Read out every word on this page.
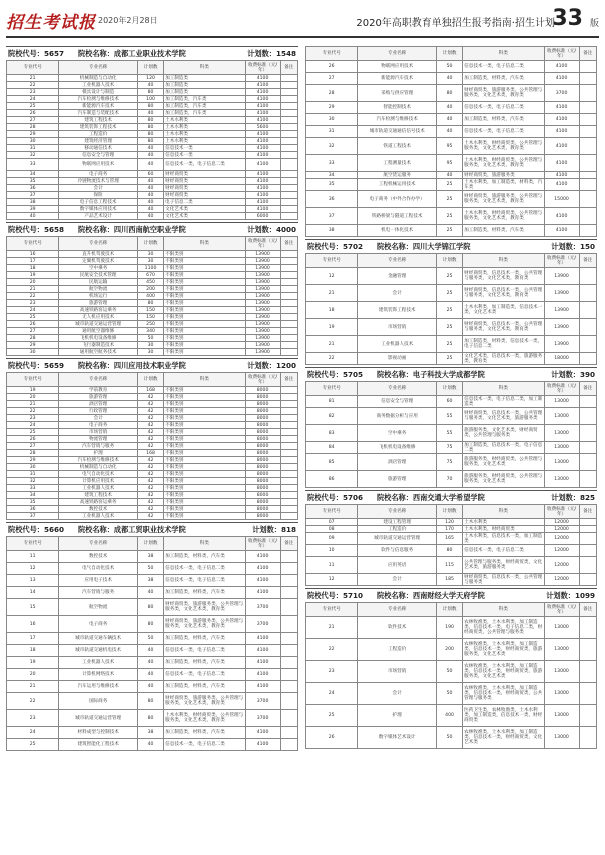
招生考试报 2020年2月28日	2020年高职教育单独招生报考指南·招生计划
33 版
院校代号：5657	院校名称：成都工业职业技术学院	计划数：1548
专业代号	专业名称	计划数	科类	收费标准（元/年）	备注
21	机械制造与自动化	120	加工制造类	4100	
22	工业机器人技术	40	加工制造类	4100	
23	模具设计与制造	80	加工制造类	4100	
24	汽车检测与维修技术	100	加工制造类，汽车类	4100	
25	新能源汽车技术	80	加工制造类，汽车类	4100	
26	汽车制造与装配技术	40	加工制造类，汽车类	4100	
27	建筑工程技术	80	土木水利类	4100	
28	建筑装饰工程技术	80	土木水利类	5600	
29	工程造价	80	土木水利类	4100	
30	建筑经济管理	80	土木水利类	4100	
31	移动通信技术	40	信息技术一类	4100	
32	信息安全与管理	40	信息技术一类	4100	
33	物联网应用技术	40	信息技术一类，电子信息二类	4100	
34	电子商务	60	财经商贸类	4100	
35	冷链物流技术与管理	40	财经商贸类	4100	
36	会计	40	财经商贸类	4100	
37	保险	40	财经商贸类	4100	
38	电子信息工程技术	40	电子信息二类	4100	
39	数字媒体应用技术	40	文化艺术类	4100	
40	产品艺术设计	40	文化艺术类	6000	
院校代号：5658	院校名称：四川西南航空职业学院	计划数：4000
专业代号	专业名称	计划数	科类	收费标准（元/年）	备注
16	直升机驾驶技术	30	不限类别	13900	
17	定翼机驾驶技术	30	不限类别	13900	
18	空中乘务	1100	不限类别	13900	
19	民航安全技术管理	670	不限类别	13900	
20	民航运输	450	不限类别	13900	
21	航空物流	200	不限类别	13900	
22	机场运行	400	不限类别	13900	
23	旅游管理	80	不限类别	13900	
24	高速铁路客运乘务	150	不限类别	13900	
25	无人机应用技术	150	不限类别	13900	
26	城市轨道交通运营管理	250	不限类别	13900	
27	通用航空器维修	340	不限类别	13900	
28	飞机机电设备维修	50	不限类别	13900	
29	飞行器制造技术	30	不限类别	13900	
30	通用航空航务技术	30	不限类别	13900	
院校代号：5659	院校名称：四川应用技术职业学院	计划数：1200
专业代号	专业名称	计划数	科类	收费标准（元/年）	备注
19	学前教育	168	不限类别	8000	
20	旅游管理	42	不限类别	8000	
21	酒店管理	42	不限类别	8000	
22	行政管理	42	不限类别	8000	
23	会计	42	不限类别	8000	
24	电子商务	42	不限类别	8000	
25	市场营销	42	不限类别	8000	
26	物流管理	42	不限类别	8000	
27	汽车营销与服务	42	不限类别	8000	
28	护理	168	不限类别	8000	
29	汽车检测与维修技术	42	不限类别	8000	
30	机械制造与自动化	42	不限类别	8000	
31	电气自动化技术	42	不限类别	8000	
32	计算机应用技术	42	不限类别	8000	
33	工业机器人技术	42	不限类别	8000	
34	建筑工程技术	42	不限类别	8000	
35	高速铁路客运乘务	42	不限类别	8000	
36	数控技术	42	不限类别	8000	
37	工业机器人技术	42	不限类别	8000	
院校代号：5660	院校名称：成都工贸职业技术学院	计划数：818
专业代号	专业名称	计划数	科类	收费标准（元/年）	备注
11	数控技术	38	加工制造类，材料类，汽车类	4100	
12	电气自动化技术	50	信息技术一类，电子信息二类	4100	
13	应用电子技术	38	信息技术一类，电子信息二类	4100	
14	汽车营销与服务	40	加工制造类，材料类，汽车类	4100	
15	航空物流	80	财经商贸类，旅游服务类，公共管理与服务类，文化艺术类，教育类	3700	
16	电子商务	80	财经商贸类，旅游服务类，公共管理与服务类，文化艺术类，教育类	3700	
17	城市轨道交通车辆技术	50	加工制造类，材料类，汽车类	4100	
18	城市轨道交通机电技术	40	信息技术一类，电子信息二类	4100	
19	工业机器人技术	40	加工制造类，材料类，汽车类	4100	
20	计算机网络技术	40	信息技术一类，电子信息二类	4100	
21	汽车运用与维修技术	40	加工制造类，材料类，汽车类	4100	
22	国际商务	80	财经商贸类，旅游服务类，公共管理与服务类，文化艺术类，教育类	3700	
23	城市轨道交通运营管理	80	土木水利类，财经商贸类，公共管理与服务类，文化艺术类，教育类	3700	
24	材料成型与控制技术	38	加工制造类，材料类，汽车类	4100	
25	建筑智能化工程技术	40	信息技术一类，电子信息二类	4100	
专业代号	专业名称	计划数	科类	收费标准（元/年）	备注
26	物联网应用技术	50	信息技术一类，电子信息二类	4100	
27	新能源汽车技术	40	加工制造类，材料类，汽车类	4100	
28	采购与供应管理	80	财经商贸类，旅游服务类，公共管理与服务类，文化艺术类，教育类	3700	
29	智能控制技术	40	信息技术一类，电子信息二类	4100	
30	汽车检测与维修技术	40	加工制造类，材料类，汽车类	4100	
31	城市轨道交通通信信号技术	40	信息技术一类，电子信息二类	4100	
32	铁道工程技术	95	土木水利类，财经商贸类，公共管理与服务类，文化艺术类，教育类	4100	
33	工程测量技术	95	土木水利类，财经商贸类，公共管理与服务类，文化艺术类，教育类	4100	
34	航空货运服务	40	财经商贸类，旅游服务类	4100	
35	工程机械运用技术	25	土木水利类，加工制造类，材料类，汽车类	4100	
36	电子商务（中外合作办学）	25	财经商贸类，旅游服务类，公共管理与服务类，文化艺术类，教育类	15000	
37	铁路桥梁与隧道工程技术	25	土木水利类，财经商贸类，公共管理与服务类，文化艺术类，教育类	4100	
38	机电一体化技术	25	加工制造类，材料类，汽车类	4100	
院校代号：5702	院校名称：四川大学锦江学院	计划数：150
专业代号	专业名称	计划数	科类	收费标准（元/年）	备注
12	金融管理	25	财经商贸类，信息技术一类，公共管理与服务类，文化艺术类，教育类	13900	
21	会计	25	财经商贸类，信息技术一类，公共管理与服务类，文化艺术类，教育类	13900	
18	建筑装饰工程技术	25	土木水利类，加工制造类，信息技术一类，文化艺术类	13900	
19	市场营销	25	财经商贸类，信息技术一类，公共管理与服务类，文化艺术类，教育类	13900	
21	工业机器人技术	25	加工制造类，材料类，信息技术一类，电子信息二类	13900	
22	影视动画	25	文化艺术类，信息技术一类，旅游服务类，教育类	18000	
院校代号：5705	院校名称：电子科技大学成都学院	计划数：390
专业代号	专业名称	计划数	科类	收费标准（元/年）	备注
81	信息安全与管理	60	信息技术一类，电子信息二类，加工制造类	13000	
82	商务数据分析与应用	55	财经商贸类，信息技术一类，公共管理与服务类，文化艺术类，旅游服务类	13000	
83	空中乘务	55	旅游服务类，文化艺术类，财经商贸类，公共管理与服务类	13000	
84	飞机机电设备维修	75	加工制造类，信息技术一类，电子信息二类	13000	
85	酒店管理	75	旅游服务类，财经商贸类，公共管理与服务类，文化艺术类	13000	
86	旅游管理	70	旅游服务类，财经商贸类，公共管理与服务类，文化艺术类	13000	
院校代号：5706	院校名称：西南交通大学希望学院	计划数：825
专业代号	专业名称	计划数	科类	收费标准（元/年）	备注
07	建设工程管理	120	土木水利类	12000	
08	工程造价	170	土木水利类，财经商贸类	12000	
09	城市轨道交通运营管理	165	土木水利类，信息技术一类，加工制造类	12000	
10	软件与信息服务	80	信息技术一类，电子信息二类	12000	
11	应用英语	115	公共管理与服务类，财经商贸类，文化艺术类，旅游服务类	12000	
12	会计	185	财经商贸类，信息技术一类，公共管理与服务类	12000	
院校代号：5710	院校名称：西南财经大学天府学院	计划数：1099
专业代号	专业名称	计划数	科类	收费标准（元/年）	备注
21	软件技术	190	农林牧渔类，土木水利类，加工制造类，信息技术一类，电子信息二类，财经商贸类，公共管理与服务类	13000	
22	工程造价	200	农林牧渔类，土木水利类，加工制造类，信息技术一类，财经商贸类，旅游服务类，文化艺术类	13000	
23	市场营销	50	农林牧渔类，土木水利类，加工制造类，信息技术一类，财经商贸类，旅游服务类，文化艺术类	13000	
24	会计	50	农林牧渔类，土木水利类，加工制造类，信息技术一类，财经商贸类，公共管理与服务类	13000	
25	护理	400	医药卫生类，农林牧渔类，土木水利类，加工制造类，信息技术一类，财经商贸类	13000	
26	数字媒体艺术设计	50	农林牧渔类，土木水利类，加工制造类，信息技术一类，财经商贸类，文化艺术类	13000	
